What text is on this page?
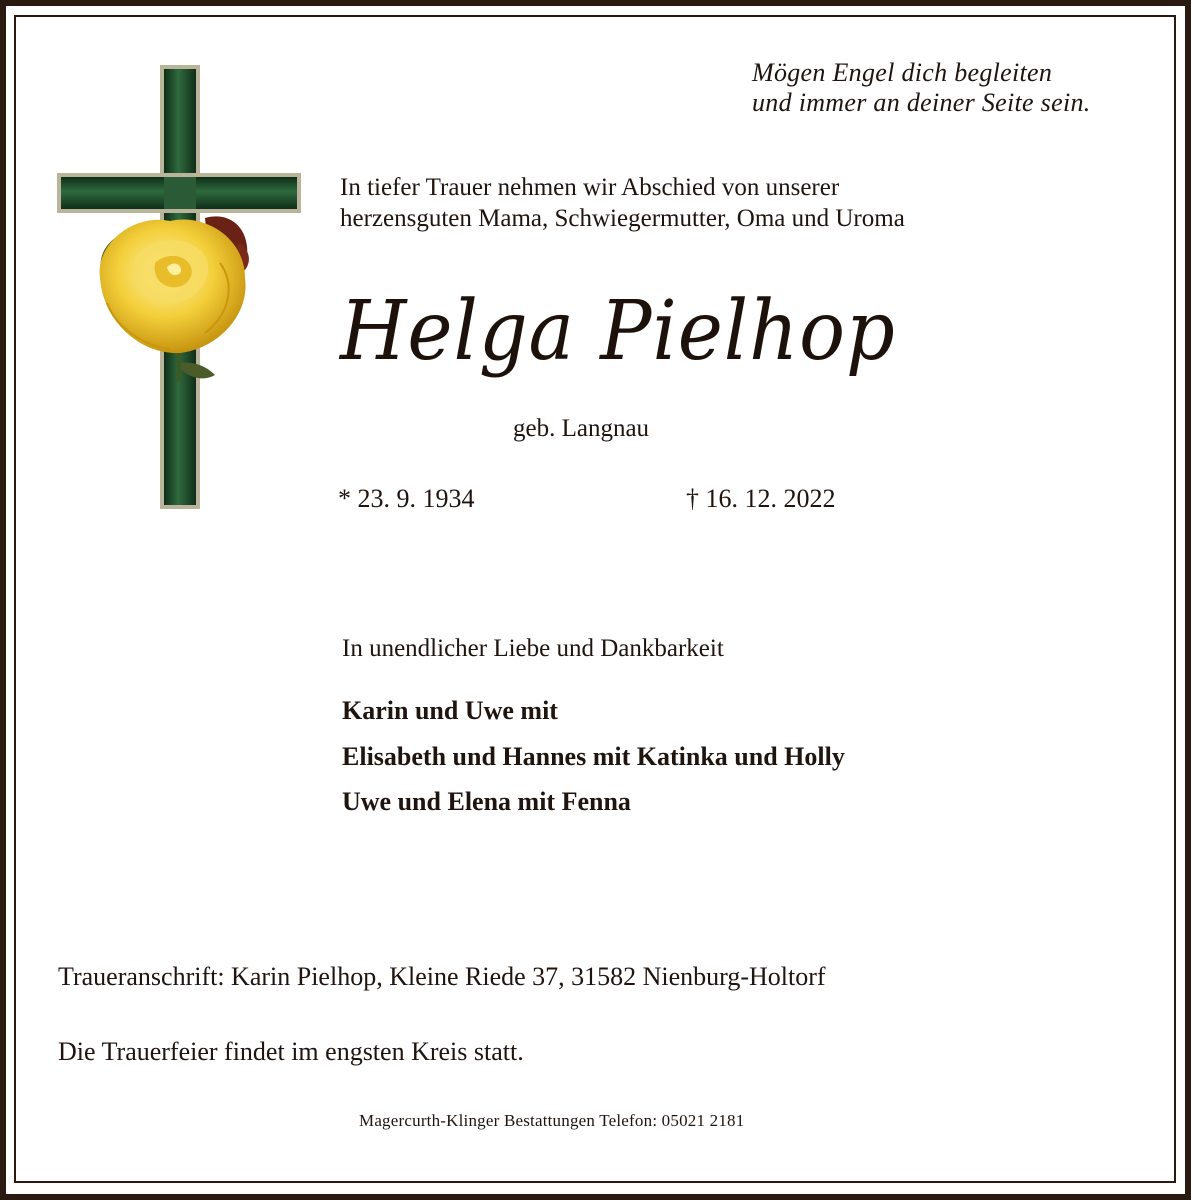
Mögen Engel dich begleiten
und immer an deiner Seite sein.

In tiefer Trauer nehmen wir Abschied von unserer
herzensguten Mama, Schwiegermutter, Oma und Uroma

Helga Pielhop
geb. Langnau
* 23. 9. 1934	† 16. 12. 2022
In unendlicher Liebe und Dankbarkeit
Karin und Uwe mit
Elisabeth und Hannes mit Katinka und Holly
Uwe und Elena mit Fenna
Traueranschrift: Karin Pielhop, Kleine Riede 37, 31582 Nienburg-Holtorf
Die Trauerfeier findet im engsten Kreis statt.
Magercurth-Klinger Bestattungen Telefon: 05021 2181
